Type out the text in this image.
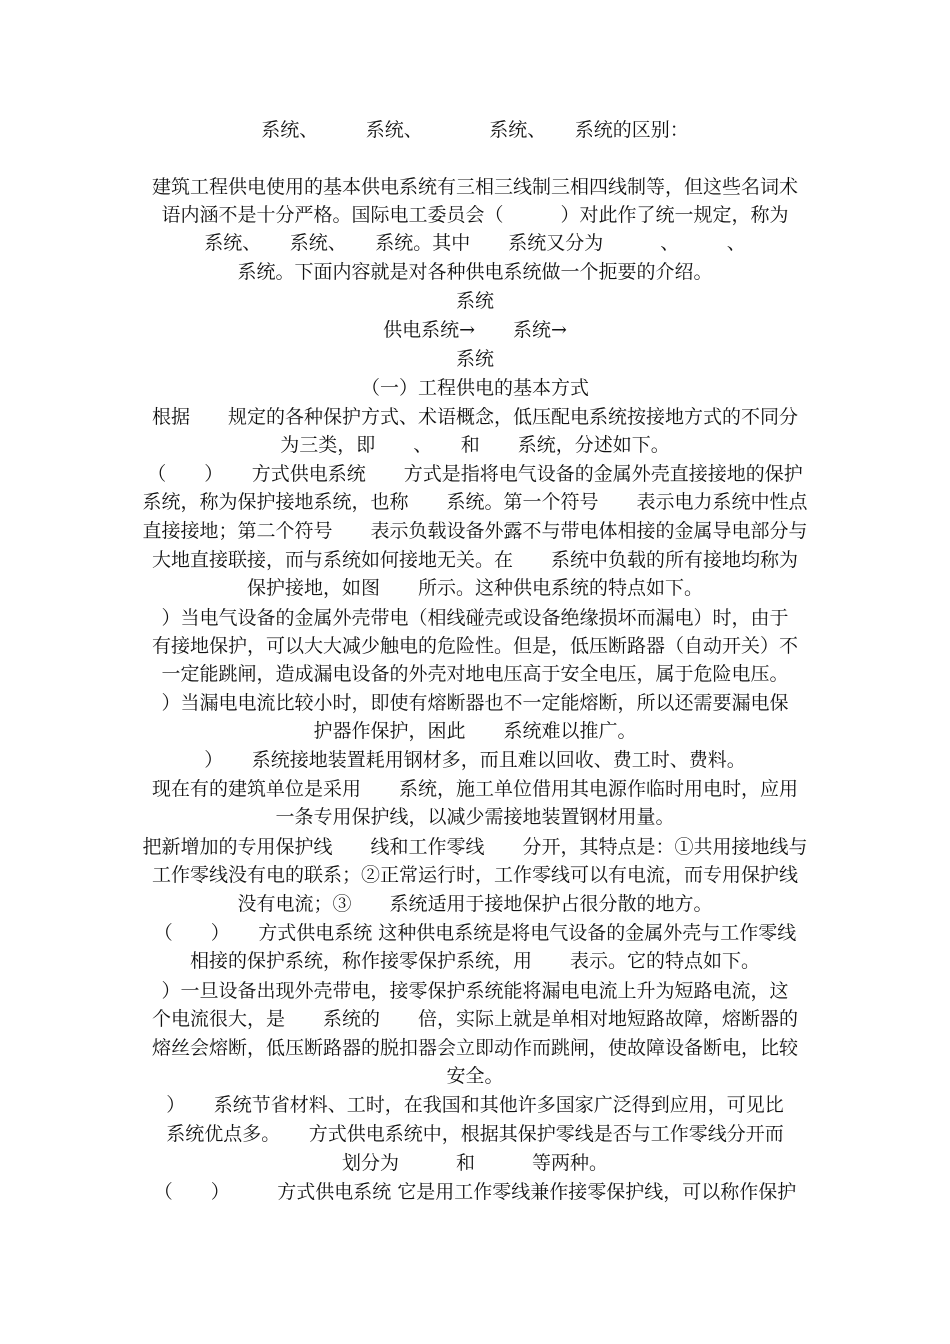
系统、　　　系统、　　　　系统、　　系统的区别：
建筑工程供电使用的基本供电系统有三相三线制三相四线制等，但这些名词术
语内涵不是十分严格。国际电工委员会（　　　）对此作了统一规定，称为
系统、　　系统、　　系统。其中　　系统又分为　　　、　　　、
系统。下面内容就是对各种供电系统做一个扼要的介绍。
系统
供电系统→　　系统→
系统
（一）工程供电的基本方式
根据　　规定的各种保护方式、术语概念，低压配电系统按接地方式的不同分
为三类，即　　、　　和　　系统，分述如下。
（　　）　　方式供电系统　　方式是指将电气设备的金属外壳直接接地的保护
系统，称为保护接地系统，也称　　系统。第一个符号　　表示电力系统中性点
直接接地；第二个符号　　表示负载设备外露不与带电体相接的金属导电部分与
大地直接联接，而与系统如何接地无关。在　　系统中负载的所有接地均称为
保护接地，如图　　所示。这种供电系统的特点如下。
）当电气设备的金属外壳带电（相线碰壳或设备绝缘损坏而漏电）时，由于
有接地保护，可以大大减少触电的危险性。但是，低压断路器（自动开关）不
一定能跳闸，造成漏电设备的外壳对地电压高于安全电压，属于危险电压。
）当漏电电流比较小时，即使有熔断器也不一定能熔断，所以还需要漏电保
护器作保护，困此　　系统难以推广。
）　　系统接地装置耗用钢材多，而且难以回收、费工时、费料。
现在有的建筑单位是采用　　系统，施工单位借用其电源作临时用电时，应用
一条专用保护线，以减少需接地装置钢材用量。
把新增加的专用保护线　　线和工作零线　　分开，其特点是：①共用接地线与
工作零线没有电的联系；②正常运行时，工作零线可以有电流，而专用保护线
没有电流；③　　系统适用于接地保护占很分散的地方。
（　　）　　方式供电系统 这种供电系统是将电气设备的金属外壳与工作零线
相接的保护系统，称作接零保护系统，用　　表示。它的特点如下。
）一旦设备出现外壳带电，接零保护系统能将漏电电流上升为短路电流，这
个电流很大，是　　系统的　　倍，实际上就是单相对地短路故障，熔断器的
熔丝会熔断，低压断路器的脱扣器会立即动作而跳闸，使故障设备断电，比较
安全。
）　　系统节省材料、工时，在我国和其他许多国家广泛得到应用，可见比
系统优点多。　　方式供电系统中，根据其保护零线是否与工作零线分开而
划分为　　　和　　　等两种。
（　　）　　　方式供电系统 它是用工作零线兼作接零保护线，可以称作保护
